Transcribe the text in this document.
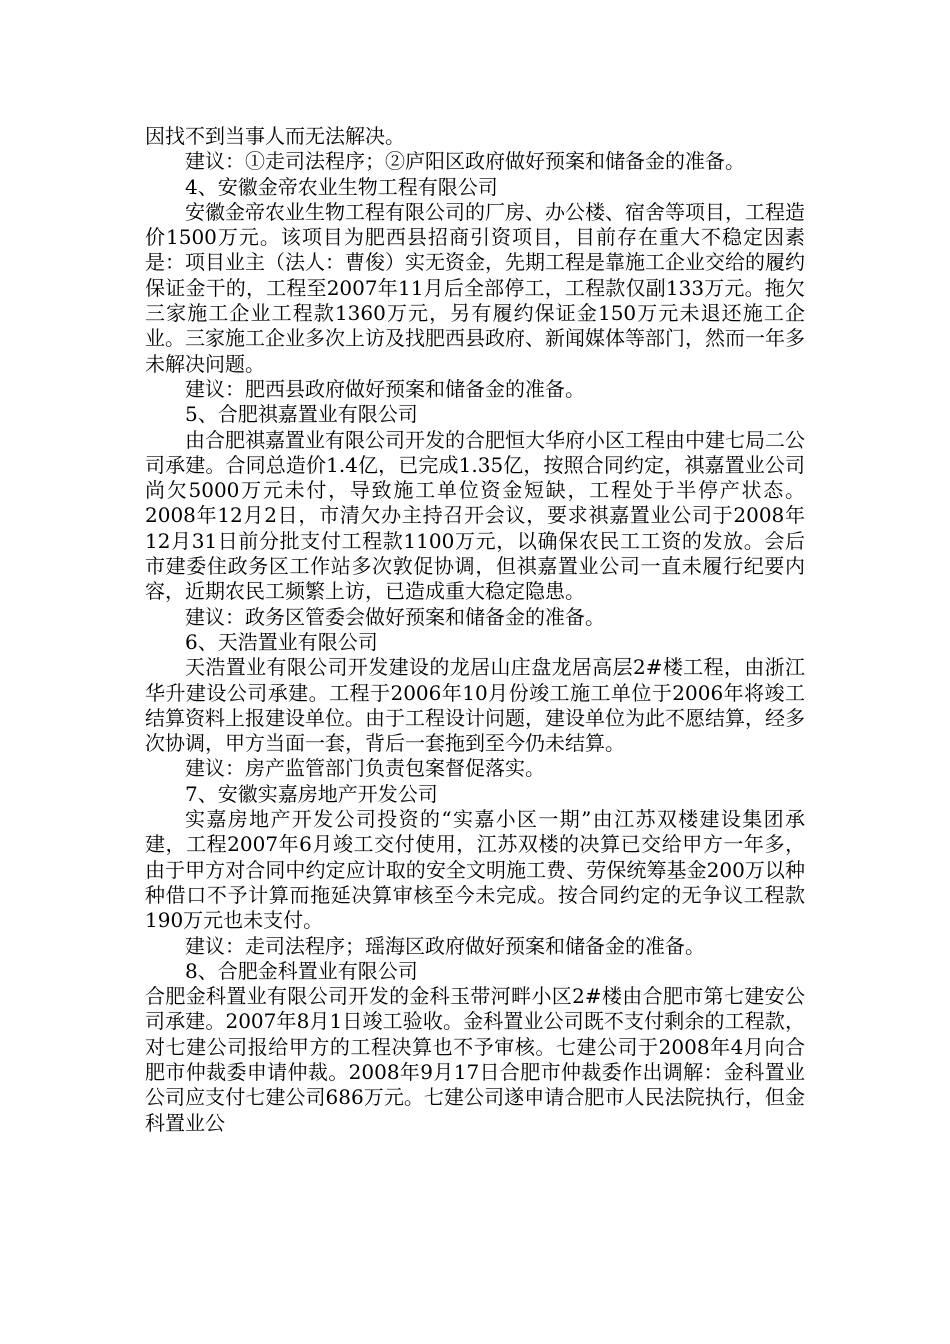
因找不到当事人而无法解决。

建议：①走司法程序；②庐阳区政府做好预案和储备金的准备。

4、安徽金帝农业生物工程有限公司

安徽金帝农业生物工程有限公司的厂房、办公楼、宿舍等项目，工程造价1500万元。该项目为肥西县招商引资项目，目前存在重大不稳定因素是：项目业主（法人：曹俊）实无资金，先期工程是靠施工企业交给的履约保证金干的，工程至2007年11月后全部停工，工程款仅副133万元。拖欠三家施工企业工程款1360万元，另有履约保证金150万元未退还施工企业。三家施工企业多次上访及找肥西县政府、新闻媒体等部门，然而一年多未解决问题。

建议：肥西县政府做好预案和储备金的准备。

5、合肥祺嘉置业有限公司

由合肥祺嘉置业有限公司开发的合肥恒大华府小区工程由中建七局二公司承建。合同总造价1.4亿，已完成1.35亿，按照合同约定，祺嘉置业公司尚欠5000万元未付，导致施工单位资金短缺，工程处于半停产状态。2008年12月2日，市清欠办主持召开会议，要求祺嘉置业公司于2008年12月31日前分批支付工程款1100万元，以确保农民工工资的发放。会后市建委住政务区工作站多次敦促协调，但祺嘉置业公司一直未履行纪要内容，近期农民工频繁上访，已造成重大稳定隐患。

建议：政务区管委会做好预案和储备金的准备。

6、天浩置业有限公司

天浩置业有限公司开发建设的龙居山庄盘龙居高层2#楼工程，由浙江华升建设公司承建。工程于2006年10月份竣工施工单位于2006年将竣工结算资料上报建设单位。由于工程设计问题，建设单位为此不愿结算，经多次协调，甲方当面一套，背后一套拖到至今仍未结算。

建议：房产监管部门负责包案督促落实。

7、安徽实嘉房地产开发公司

实嘉房地产开发公司投资的“实嘉小区一期”由江苏双楼建设集团承建，工程2007年6月竣工交付使用，江苏双楼的决算已交给甲方一年多，由于甲方对合同中约定应计取的安全文明施工费、劳保统筹基金200万以种种借口不予计算而拖延决算审核至今未完成。按合同约定的无争议工程款190万元也未支付。

建议：走司法程序；瑶海区政府做好预案和储备金的准备。

8、合肥金科置业有限公司

合肥金科置业有限公司开发的金科玉带河畔小区2#楼由合肥市第七建安公司承建。2007年8月1日竣工验收。金科置业公司既不支付剩余的工程款，对七建公司报给甲方的工程决算也不予审核。七建公司于2008年4月向合肥市仲裁委申请仲裁。2008年9月17日合肥市仲裁委作出调解：金科置业公司应支付七建公司686万元。七建公司遂申请合肥市人民法院执行，但金科置业公
